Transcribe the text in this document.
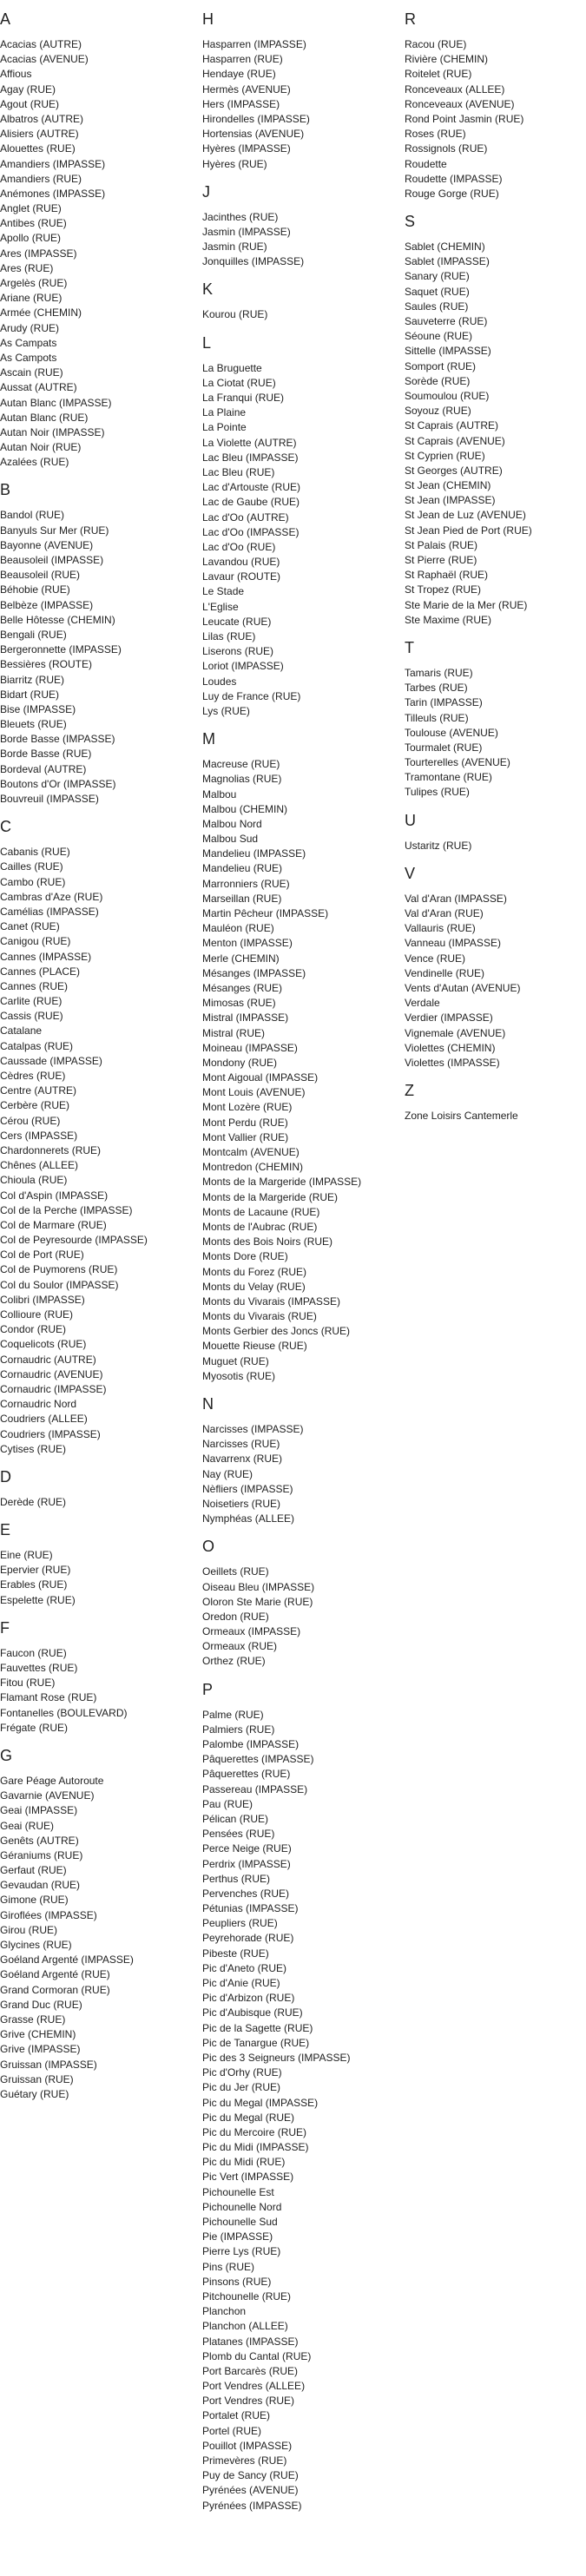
A
Acacias (AUTRE)
Acacias (AVENUE)
Affious
Agay (RUE)
Agout (RUE)
Albatros (AUTRE)
Alisiers (AUTRE)
Alouettes (RUE)
Amandiers (IMPASSE)
Amandiers (RUE)
Anémones (IMPASSE)
Anglet (RUE)
Antibes (RUE)
Apollo (RUE)
Ares (IMPASSE)
Ares (RUE)
Argelès (RUE)
Ariane (RUE)
Armée (CHEMIN)
Arudy (RUE)
As Campats
As Campots
Ascain (RUE)
Aussat (AUTRE)
Autan Blanc (IMPASSE)
Autan Blanc (RUE)
Autan Noir (IMPASSE)
Autan Noir (RUE)
Azalées (RUE)
B
Bandol (RUE)
Banyuls Sur Mer (RUE)
Bayonne (AVENUE)
Beausoleil (IMPASSE)
Beausoleil (RUE)
Béhobie (RUE)
Belbèze (IMPASSE)
Belle Hôtesse (CHEMIN)
Bengali (RUE)
Bergeronnette (IMPASSE)
Bessières (ROUTE)
Biarritz (RUE)
Bidart (RUE)
Bise (IMPASSE)
Bleuets (RUE)
Borde Basse (IMPASSE)
Borde Basse (RUE)
Bordeval (AUTRE)
Boutons d'Or (IMPASSE)
Bouvreuil (IMPASSE)
C
Cabanis (RUE)
Cailles (RUE)
Cambo (RUE)
Cambras d'Aze (RUE)
Camélias (IMPASSE)
Canet (RUE)
Canigou (RUE)
Cannes (IMPASSE)
Cannes (PLACE)
Cannes (RUE)
Carlite (RUE)
Cassis (RUE)
Catalane
Catalpas (RUE)
Caussade (IMPASSE)
Cèdres (RUE)
Centre (AUTRE)
Cerbère (RUE)
Cérou (RUE)
Cers (IMPASSE)
Chardonnerets (RUE)
Chênes (ALLEE)
Chioula (RUE)
Col d'Aspin (IMPASSE)
Col de la Perche (IMPASSE)
Col de Marmare (RUE)
Col de Peyresourde (IMPASSE)
Col de Port (RUE)
Col de Puymorens (RUE)
Col du Soulor (IMPASSE)
Colibri (IMPASSE)
Collioure (RUE)
Condor (RUE)
Coquelicots (RUE)
Cornaudric (AUTRE)
Cornaudric (AVENUE)
Cornaudric (IMPASSE)
Cornaudric Nord
Coudriers (ALLEE)
Coudriers (IMPASSE)
Cytises (RUE)
D
Derède (RUE)
E
Eine (RUE)
Epervier (RUE)
Erables (RUE)
Espelette (RUE)
F
Faucon (RUE)
Fauvettes (RUE)
Fitou (RUE)
Flamant Rose (RUE)
Fontanelles (BOULEVARD)
Frégate (RUE)
G
Gare Péage Autoroute
Gavarnie (AVENUE)
Geai (IMPASSE)
Geai (RUE)
Genêts (AUTRE)
Géraniums (RUE)
Gerfaut (RUE)
Gevaudan (RUE)
Gimone (RUE)
Giroflées (IMPASSE)
Girou (RUE)
Glycines (RUE)
Goéland Argenté (IMPASSE)
Goéland Argenté (RUE)
Grand Cormoran (RUE)
Grand Duc (RUE)
Grasse (RUE)
Grive (CHEMIN)
Grive (IMPASSE)
Gruissan (IMPASSE)
Gruissan (RUE)
Guétary (RUE)
H
Hasparren (IMPASSE)
Hasparren (RUE)
Hendaye (RUE)
Hermès (AVENUE)
Hers (IMPASSE)
Hirondelles (IMPASSE)
Hortensias (AVENUE)
Hyères (IMPASSE)
Hyères (RUE)
J
Jacinthes (RUE)
Jasmin (IMPASSE)
Jasmin (RUE)
Jonquilles (IMPASSE)
K
Kourou (RUE)
L
La Bruguette
La Ciotat (RUE)
La Franqui (RUE)
La Plaine
La Pointe
La Violette (AUTRE)
Lac Bleu (IMPASSE)
Lac Bleu (RUE)
Lac d'Artouste (RUE)
Lac de Gaube (RUE)
Lac d'Oo (AUTRE)
Lac d'Oo (IMPASSE)
Lac d'Oo (RUE)
Lavandou (RUE)
Lavaur (ROUTE)
Le Stade
L'Eglise
Leucate (RUE)
Lilas (RUE)
Liserons (RUE)
Loriot (IMPASSE)
Loudes
Luy de France (RUE)
Lys (RUE)
M
Macreuse (RUE)
Magnolias (RUE)
Malbou
Malbou (CHEMIN)
Malbou Nord
Malbou Sud
Mandelieu (IMPASSE)
Mandelieu (RUE)
Marronniers (RUE)
Marseillan (RUE)
Martin Pêcheur (IMPASSE)
Mauléon (RUE)
Menton (IMPASSE)
Merle (CHEMIN)
Mésanges (IMPASSE)
Mésanges (RUE)
Mimosas (RUE)
Mistral (IMPASSE)
Mistral (RUE)
Moineau (IMPASSE)
Mondony (RUE)
Mont Aigoual (IMPASSE)
Mont Louis (AVENUE)
Mont Lozère (RUE)
Mont Perdu (RUE)
Mont Vallier (RUE)
Montcalm (AVENUE)
Montredon (CHEMIN)
Monts de la Margeride (IMPASSE)
Monts de la Margeride (RUE)
Monts de Lacaune (RUE)
Monts de l'Aubrac (RUE)
Monts des Bois Noirs (RUE)
Monts Dore (RUE)
Monts du Forez (RUE)
Monts du Velay (RUE)
Monts du Vivarais (IMPASSE)
Monts du Vivarais (RUE)
Monts Gerbier des Joncs (RUE)
Mouette Rieuse (RUE)
Muguet (RUE)
Myosotis (RUE)
N
Narcisses (IMPASSE)
Narcisses (RUE)
Navarrenx (RUE)
Nay (RUE)
Nèfliers (IMPASSE)
Noisetiers (RUE)
Nymphéas (ALLEE)
O
Oeillets (RUE)
Oiseau Bleu (IMPASSE)
Oloron Ste Marie (RUE)
Oredon (RUE)
Ormeaux (IMPASSE)
Ormeaux (RUE)
Orthez (RUE)
P
Palme (RUE)
Palmiers (RUE)
Palombe (IMPASSE)
Pâquerettes (IMPASSE)
Pâquerettes (RUE)
Passereau (IMPASSE)
Pau (RUE)
Pélican (RUE)
Pensées (RUE)
Perce Neige (RUE)
Perdrix (IMPASSE)
Perthus (RUE)
Pervenches (RUE)
Pétunias (IMPASSE)
Peupliers (RUE)
Peyrehorade (RUE)
Pibeste (RUE)
Pic d'Aneto (RUE)
Pic d'Anie (RUE)
Pic d'Arbizon (RUE)
Pic d'Aubisque (RUE)
Pic de la Sagette (RUE)
Pic de Tanargue (RUE)
Pic des 3 Seigneurs (IMPASSE)
Pic d'Orhy (RUE)
Pic du Jer (RUE)
Pic du Megal (IMPASSE)
Pic du Megal (RUE)
Pic du Mercoire (RUE)
Pic du Midi (IMPASSE)
Pic du Midi (RUE)
Pic Vert (IMPASSE)
Pichounelle Est
Pichounelle Nord
Pichounelle Sud
Pie (IMPASSE)
Pierre Lys (RUE)
Pins (RUE)
Pinsons (RUE)
Pitchounelle (RUE)
Planchon
Planchon (ALLEE)
Platanes (IMPASSE)
Plomb du Cantal (RUE)
Port Barcarès (RUE)
Port Vendres (ALLEE)
Port Vendres (RUE)
Portalet (RUE)
Portel (RUE)
Pouillot (IMPASSE)
Primevères (RUE)
Puy de Sancy (RUE)
Pyrénées (AVENUE)
Pyrénées (IMPASSE)
R
Racou (RUE)
Rivière (CHEMIN)
Roitelet (RUE)
Ronceveaux (ALLEE)
Ronceveaux (AVENUE)
Rond Point Jasmin (RUE)
Roses (RUE)
Rossignols (RUE)
Roudette
Roudette (IMPASSE)
Rouge Gorge (RUE)
S
Sablet (CHEMIN)
Sablet (IMPASSE)
Sanary (RUE)
Saquet (RUE)
Saules (RUE)
Sauveterre (RUE)
Séoune (RUE)
Sittelle (IMPASSE)
Somport (RUE)
Sorède (RUE)
Soumoulou (RUE)
Soyouz (RUE)
St Caprais (AUTRE)
St Caprais (AVENUE)
St Cyprien (RUE)
St Georges (AUTRE)
St Jean (CHEMIN)
St Jean (IMPASSE)
St Jean de Luz (AVENUE)
St Jean Pied de Port (RUE)
St Palais (RUE)
St Pierre (RUE)
St Raphaël (RUE)
St Tropez (RUE)
Ste Marie de la Mer (RUE)
Ste Maxime (RUE)
T
Tamaris (RUE)
Tarbes (RUE)
Tarin (IMPASSE)
Tilleuls (RUE)
Toulouse (AVENUE)
Tourmalet (RUE)
Tourterelles (AVENUE)
Tramontane (RUE)
Tulipes (RUE)
U
Ustaritz (RUE)
V
Val d'Aran (IMPASSE)
Val d'Aran (RUE)
Vallauris (RUE)
Vanneau (IMPASSE)
Vence (RUE)
Vendinelle (RUE)
Vents d'Autan (AVENUE)
Verdale
Verdier (IMPASSE)
Vignemale (AVENUE)
Violettes (CHEMIN)
Violettes (IMPASSE)
Z
Zone Loisirs Cantemerle
